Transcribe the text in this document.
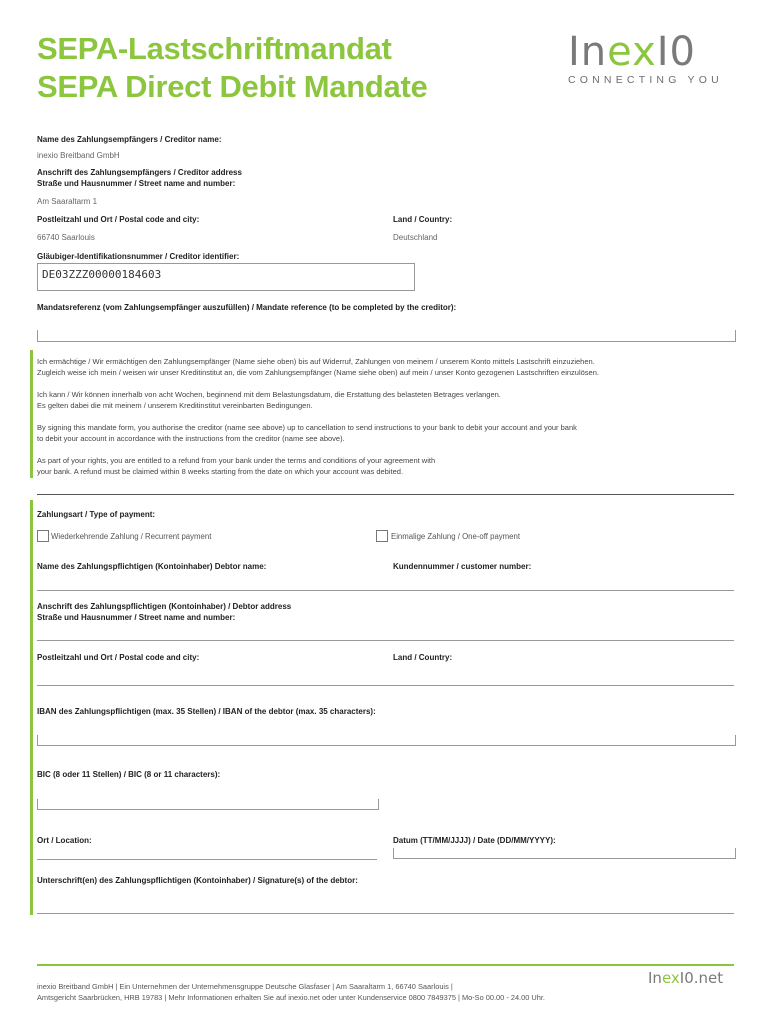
SEPA-Lastschriftmandat
SEPA Direct Debit Mandate
InexI0
CONNECTING YOU
Name des Zahlungsempfängers / Creditor name:
inexio Breitband GmbH
Anschrift des Zahlungsempfängers / Creditor address
Straße und Hausnummer / Street name and number:
Am Saaraltarm 1
Postleitzahl und Ort / Postal code and city:	Land / Country:
66740 Saarlouis	Deutschland
Gläubiger-Identifikationsnummer / Creditor identifier:
DE03ZZZ00000184603
Mandatsreferenz (vom Zahlungsempfänger auszufüllen) / Mandate reference (to be completed by the creditor):
Ich ermächtige / Wir ermächtigen den Zahlungsempfänger (Name siehe oben) bis auf Widerruf, Zahlungen von meinem / unserem Konto mittels Lastschrift einzuziehen.
Zugleich weise ich mein / weisen wir unser Kreditinstitut an, die vom Zahlungsempfänger (Name siehe oben) auf mein / unser Konto gezogenen Lastschriften einzulösen.
Ich kann / Wir können innerhalb von acht Wochen, beginnend mit dem Belastungsdatum, die Erstattung des belasteten Betrages verlangen.
Es gelten dabei die mit meinem / unserem Kreditinstitut vereinbarten Bedingungen.
By signing this mandate form, you authorise the creditor (name see above) up to cancellation to send instructions to your bank to debit your account and your bank
to debit your account in accordance with the instructions from the creditor (name see above).
As part of your rights, you are entitled to a refund from your bank under the terms and conditions of your agreement with
your bank. A refund must be claimed within 8 weeks starting from the date on which your account was debited.
Zahlungsart / Type of payment:
Wiederkehrende Zahlung / Recurrent payment	Einmalige Zahlung / One-off payment
Name des Zahlungspflichtigen (Kontoinhaber) Debtor name:	Kundennummer / customer number:
Anschrift des Zahlungspflichtigen (Kontoinhaber) / Debtor address
Straße und Hausnummer / Street name and number:
Postleitzahl und Ort / Postal code and city:	Land / Country:
IBAN des Zahlungspflichtigen (max. 35 Stellen) / IBAN of the debtor (max. 35 characters):
BIC (8 oder 11 Stellen) / BIC (8 or 11 characters):
Ort / Location:	Datum (TT/MM/JJJJ) / Date (DD/MM/YYYY):
Unterschrift(en) des Zahlungspflichtigen (Kontoinhaber) / Signature(s) of the debtor:
inexio Breitband GmbH | Ein Unternehmen der Unternehmensgruppe Deutsche Glasfaser | Am Saaraltarm 1, 66740 Saarlouis |
Amtsgericht Saarbrücken, HRB 19783 | Mehr Informationen erhalten Sie auf inexio.net oder unter Kundenservice 0800 7849375 | Mo-So 00.00 - 24.00 Uhr.
InexI0.net
